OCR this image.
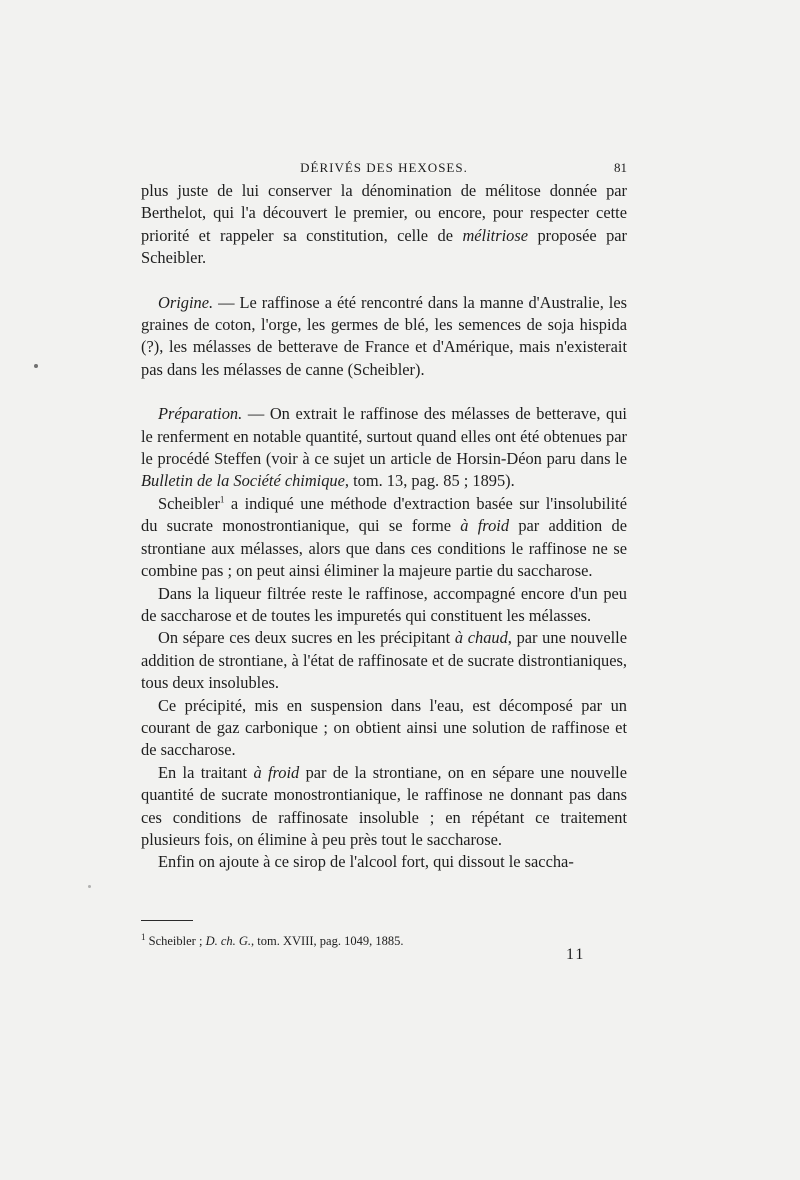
DÉRIVÉS DES HEXOSES.	81

plus juste de lui conserver la dénomination de mélitose donnée par Berthelot, qui l'a découvert le premier, ou encore, pour respecter cette priorité et rappeler sa constitution, celle de mélitriose proposée par Scheibler.

Origine. — Le raffinose a été rencontré dans la manne d'Australie, les graines de coton, l'orge, les germes de blé, les semences de soja hispida (?), les mélasses de betterave de France et d'Amérique, mais n'existerait pas dans les mélasses de canne (Scheibler).

Préparation. — On extrait le raffinose des mélasses de betterave, qui le renferment en notable quantité, surtout quand elles ont été obtenues par le procédé Steffen (voir à ce sujet un article de Horsin-Déon paru dans le Bulletin de la Société chimique, tom. 13, pag. 85 ; 1895).

Scheibler$^1$ a indiqué une méthode d'extraction basée sur l'insolubilité du sucrate monostrontianique, qui se forme à froid par addition de strontiane aux mélasses, alors que dans ces conditions le raffinose ne se combine pas ; on peut ainsi éliminer la majeure partie du saccharose.

Dans la liqueur filtrée reste le raffinose, accompagné encore d'un peu de saccharose et de toutes les impuretés qui constituent les mélasses.

On sépare ces deux sucres en les précipitant à chaud, par une nouvelle addition de strontiane, à l'état de raffinosate et de sucrate distrontianiques, tous deux insolubles.

Ce précipité, mis en suspension dans l'eau, est décomposé par un courant de gaz carbonique ; on obtient ainsi une solution de raffinose et de saccharose.

En la traitant à froid par de la strontiane, on en sépare une nouvelle quantité de sucrate monostrontianique, le raffinose ne donnant pas dans ces conditions de raffinosate insoluble ; en répétant ce traitement plusieurs fois, on élimine à peu près tout le saccharose.

Enfin on ajoute à ce sirop de l'alcool fort, qui dissout le saccha-

$^1$ Scheibler ; D. ch. G., tom. XVIII, pag. 1049, 1885.
11
